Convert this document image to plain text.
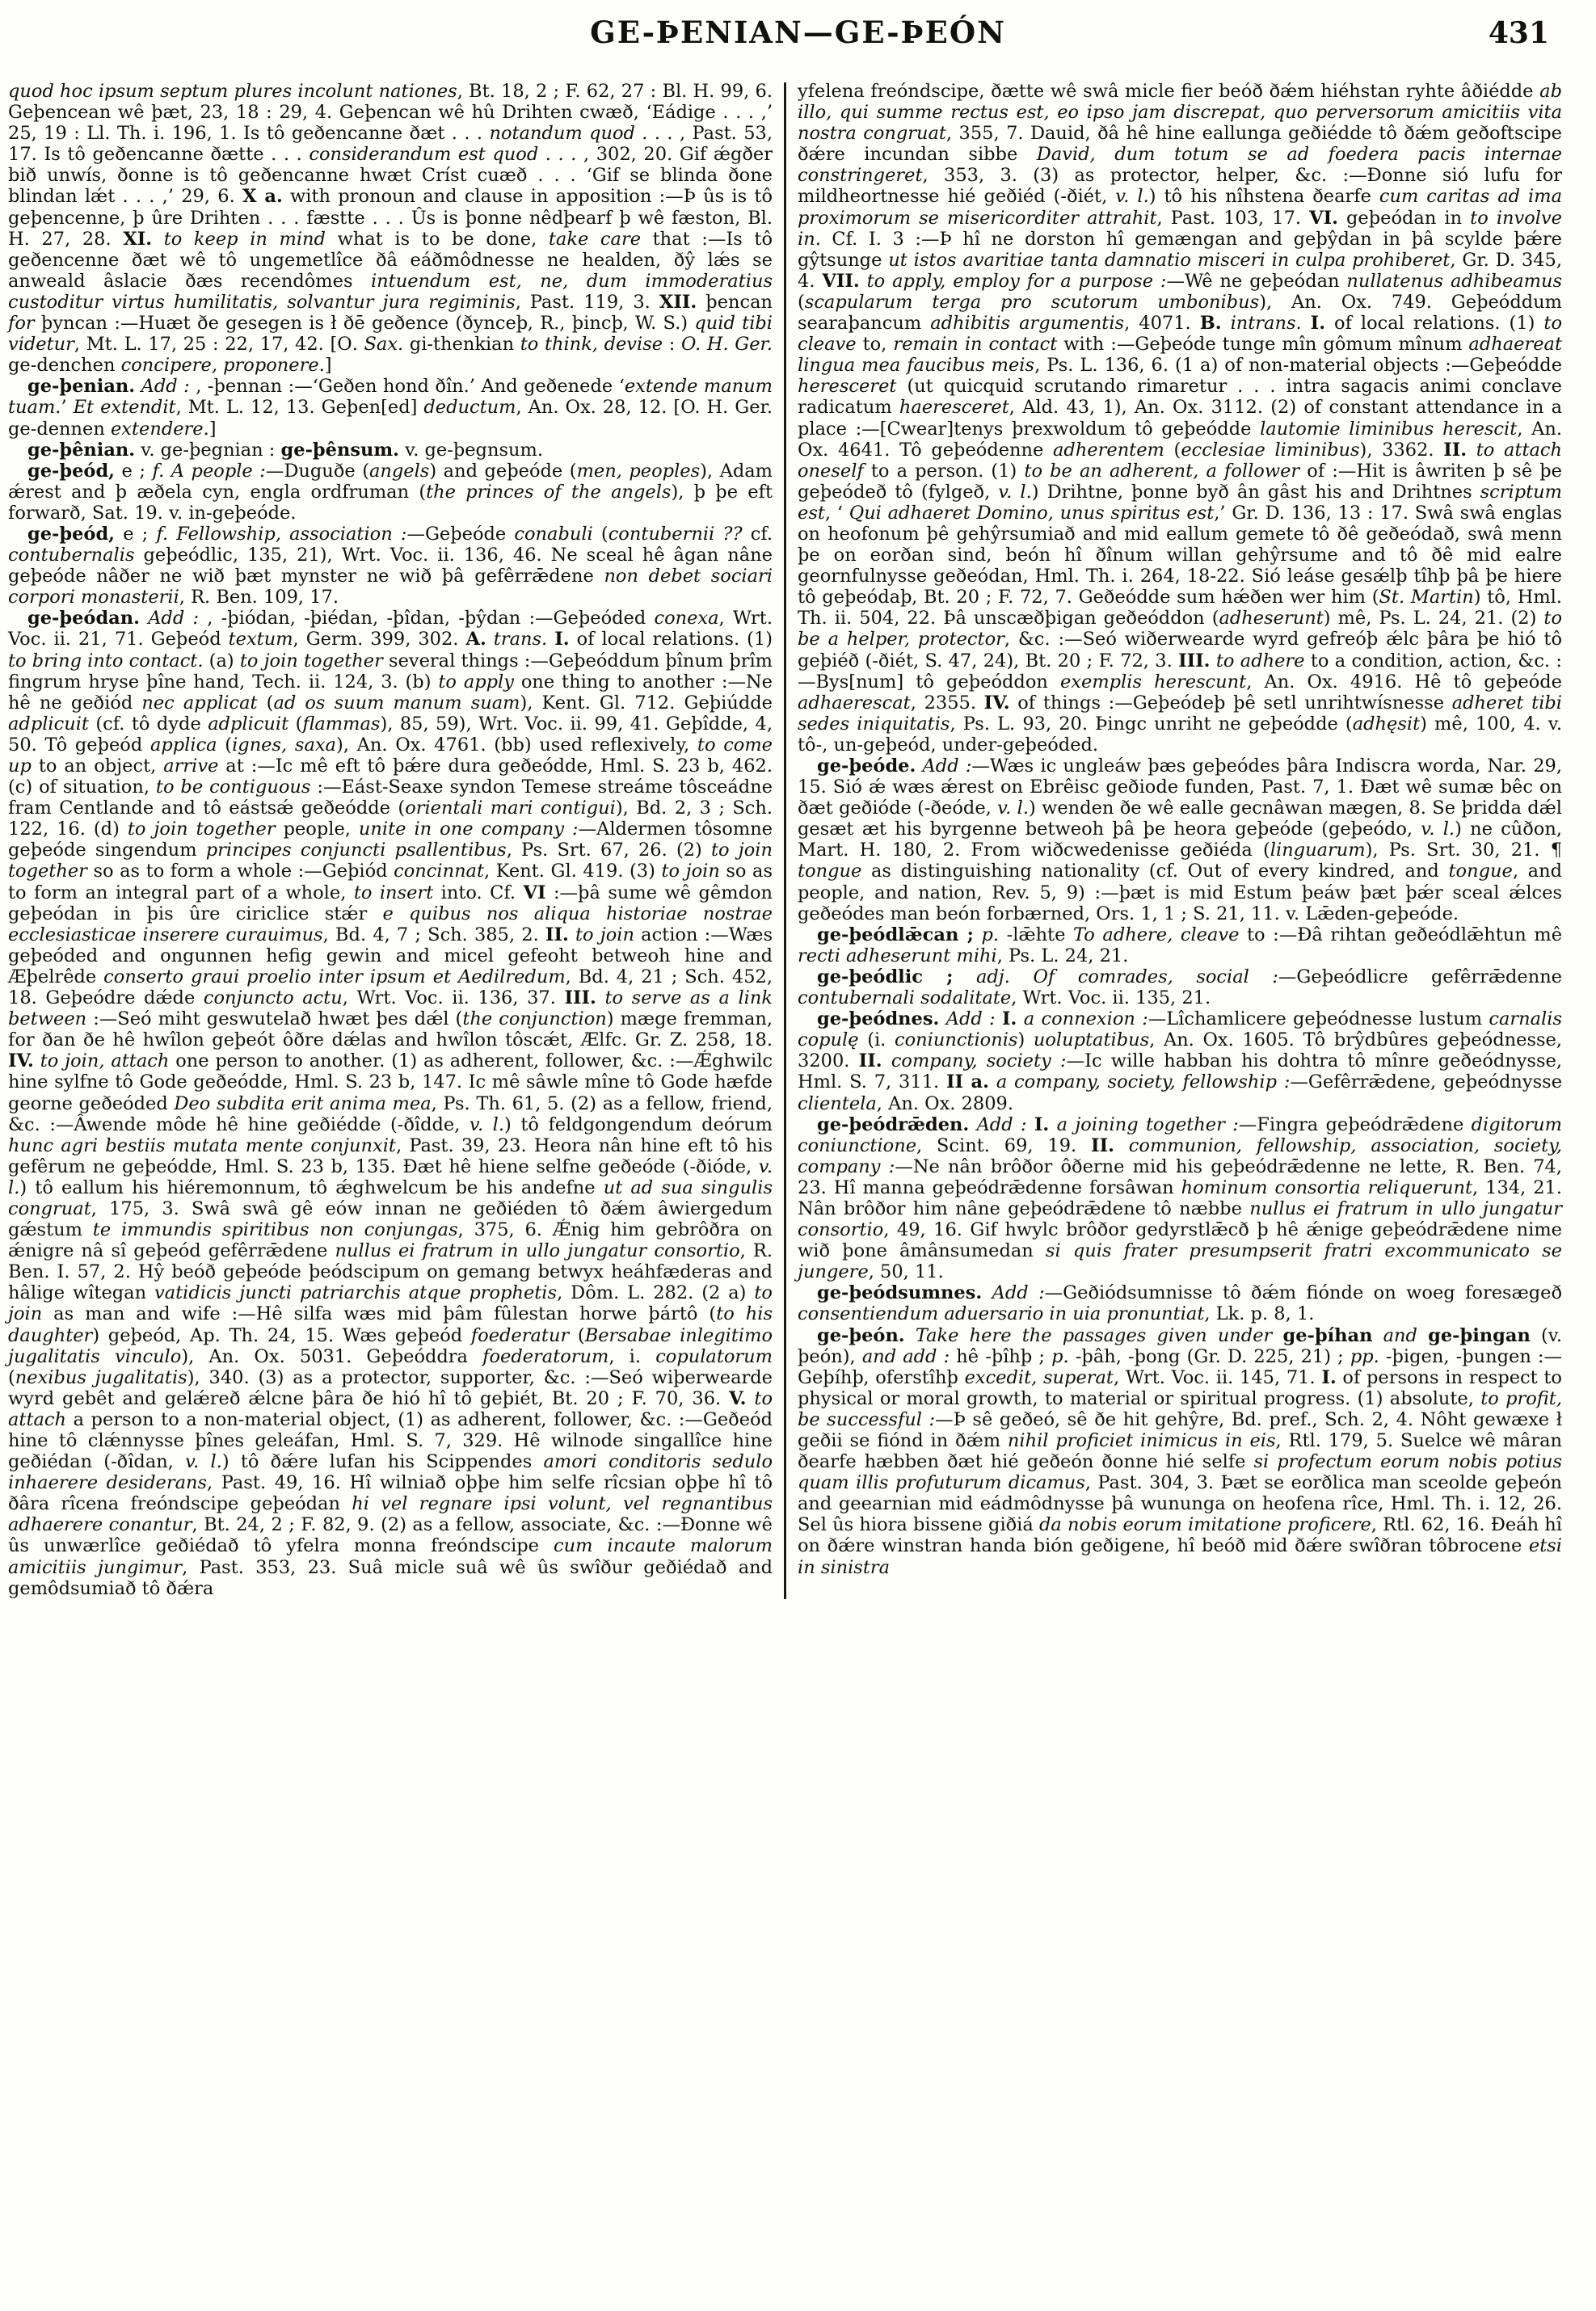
GE-ÞENIAN—GE-ÞEÓN	431

quod hoc ipsum septum plures incolunt nationes, Bt. 18, 2 ; F. 62, 27 : Bl. H. 99, 6. Geþencean wê þæt, 23, 18 : 29, 4. Geþencan wê hû Drihten cwæð, ‘Eádige . . . ,’ 25, 19 : Ll. Th. i. 196, 1. Is tô geðencanne ðæt . . . notandum quod . . . , Past. 53, 17. Is tô geðencanne ðætte . . . considerandum est quod . . . , 302, 20. Gif ǽgðer bið unwís, ðonne is tô geðencanne hwæt Críst cuæð . . . ‘Gif se blinda ðone blindan lǽt . . . ,’ 29, 6. X a. with pronoun and clause in apposition :—Þ ûs is tô geþencenne, þ ûre Drihten . . . fæstte . . . Ûs is þonne nêdþearf þ wê fæston, Bl. H. 27, 28. XI. to keep in mind what is to be done, take care that :—Is tô geðencenne ðæt wê tô ungemetlîce ðâ eáðmôdnesse ne healden, ðŷ lǽs se anweald âslacie ðæs recendômes intuendum est, ne, dum immoderatius custoditur virtus humilitatis, solvantur jura regiminis, Past. 119, 3. XII. þencan for þyncan :—Huæt ðe gesegen is ł ðē geðence (ðynceþ, R., þincþ, W. S.) quid tibi videtur, Mt. L. 17, 25 : 22, 17, 42. [О. Sax. gi-thenkian to think, devise : O. H. Ger. ge-denchen concipere, proponere.]

ge-þenian. Add : , -þennan :—‘Geðen hond ðîn.’ And geðenede ‘extende manum tuam.’ Et extendit, Mt. L. 12, 13. Geþen[ed] deductum, An. Ox. 28, 12. [O. H. Ger. ge-dennen extendere.]

ge-þênian. v. ge-þegnian : ge-þênsum. v. ge-þegnsum.

ge-þeód, e ; f. A people :—Duguðe (angels) and geþeóde (men, peoples), Adam ǽrest and þ æðela cyn, engla ordfruman (the princes of the angels), þ þe eft forwarð, Sat. 19. v. in-geþeóde.

ge-þeód, e ; f. Fellowship, association :—Geþeóde conabuli (contubernii ?? cf. contubernalis geþeódlic, 135, 21), Wrt. Voc. ii. 136, 46. Ne sceal hê âgan nâne geþeóde nâðer ne wið þæt mynster ne wið þâ gefêrrǣdene non debet sociari corpori monasterii, R. Ben. 109, 17.

ge-þeódan. Add : , -þiódan, -þiédan, -þîdan, -þŷdan :—Geþeóded conexa, Wrt. Voc. ii. 21, 71. Geþeód textum, Germ. 399, 302. A. trans. I. of local relations. (1) to bring into contact. (a) to join together several things :—Geþeóddum þînum þrîm fingrum hryse þîne hand, Tech. ii. 124, 3. (b) to apply one thing to another :—Ne hê ne geðiód nec applicat (ad os suum manum suam), Kent. Gl. 712. Geþiúdde adplicuit (cf. tô dyde adplicuit (flammas), 85, 59), Wrt. Voc. ii. 99, 41. Geþîdde, 4, 50. Tô geþeód applica (ignes, saxa), An. Ox. 4761. (bb) used reflexively, to come up to an object, arrive at :—Ic mê eft tô þǽre dura geðeódde, Hml. S. 23 b, 462. (c) of situation, to be contiguous :—Eást-Seaxe syndon Temese streáme tôsceádne fram Centlande and tô eástsǽ geðeódde (orientali mari contigui), Bd. 2, 3 ; Sch. 122, 16. (d) to join together people, unite in one company :—Aldermen tôsomne geþeóde singendum principes conjuncti psallentibus, Ps. Srt. 67, 26. (2) to join together so as to form a whole :—Geþiód concinnat, Kent. Gl. 419. (3) to join so as to form an integral part of a whole, to insert into. Cf. VI :—þâ sume wê gêmdon geþeódan in þis ûre ciriclice stǽr e quibus nos aliqua historiae nostrae ecclesiasticae inserere curauimus, Bd. 4, 7 ; Sch. 385, 2. II. to join action :—Wæs geþeóded and ongunnen hefig gewin and micel gefeoht betweoh hine and Æþelrêde conserto graui proelio inter ipsum et Aedilredum, Bd. 4, 21 ; Sch. 452, 18. Geþeódre dǽde conjuncto actu, Wrt. Voc. ii. 136, 37. III. to serve as a link between :—Seó miht geswutelað hwæt þes dǽl (the conjunction) mæge fremman, for ðan ðe hê hwîlon geþeót ôðre dǽlas and hwîlon tôscǽt, Ælfc. Gr. Z. 258, 18. IV. to join, attach one person to another. (1) as adherent, follower, &c. :—Ǽghwilc hine sylfne tô Gode geðeódde, Hml. S. 23 b, 147. Ic mê sâwle mîne tô Gode hæfde georne geðeóded Deo subdita erit anima mea, Ps. Th. 61, 5. (2) as a fellow, friend, &c. :—Âwende môde hê hine geðiédde (-ðîdde, v. l.) tô feldgongendum deórum hunc agri bestiis mutata mente conjunxit, Past. 39, 23. Heora nân hine eft tô his gefêrum ne geþeódde, Hml. S. 23 b, 135. Ðæt hê hiene selfne geðeóde (-ðióde, v. l.) tô eallum his hiéremonnum, tô ǽghwelcum be his andefne ut ad sua singulis congruat, 175, 3. Swâ swâ gê eów innan ne geðiéden tô ðǽm âwiergedum gǽstum te immundis spiritibus non conjungas, 375, 6. Ǽnig him gebrôðra on ǽnigre nâ sî geþeód gefêrrǣdene nullus ei fratrum in ullo jungatur consortio, R. Ben. I. 57, 2. Hŷ beóð geþeóde þeódscipum on gemang betwyx heáhfæderas and hâlige wîtegan vatidicis juncti patriarchis atque prophetis, Dôm. L. 282. (2 a) to join as man and wife :—Hê silfa wæs mid þâm fûlestan horwe þártô (to his daughter) geþeód, Ap. Th. 24, 15. Wæs geþeód foederatur (Bersabae inlegitimo jugalitatis vinculo), An. Ox. 5031. Geþeóddra foederatorum, i. copulatorum (nexibus jugalitatis), 340. (3) as a protector, supporter, &c. :—Seó wiþerwearde wyrd gebêt and gelǽreð ǽlcne þâra ðe hió hî tô geþiét, Bt. 20 ; F. 70, 36. V. to attach a person to a non-material object, (1) as adherent, follower, &c. :—Geðeód hine tô clǽnnysse þînes geleáfan, Hml. S. 7, 329. Hê wilnode singallîce hine geðiédan (-ðîdan, v. l.) tô ðǽre lufan his Scippendes amori conditoris sedulo inhaerere desiderans, Past. 49, 16. Hî wilniað oþþe him selfe rîcsian oþþe hî tô ðâra rîcena freóndscipe geþeódan hi vel regnare ipsi volunt, vel regnantibus adhaerere conantur, Bt. 24, 2 ; F. 82, 9. (2) as a fellow, associate, &c. :—Ðonne wê ûs unwærlîce geðiédað tô yfelra monna freóndscipe cum incaute malorum amicitiis jungimur, Past. 353, 23. Suâ micle suâ wê ûs swîður geðiédað and gemôdsumiað tô ðǽra

yfelena freóndscipe, ðætte wê swâ micle fier beóð ðǽm hiéhstan ryhte âðiédde ab illo, qui summe rectus est, eo ipso jam discrepat, quo perversorum amicitiis vita nostra congruat, 355, 7. Dauid, ðâ hê hine eallunga geðiédde tô ðǽm geðoftscipe ðǽre incundan sibbe David, dum totum se ad foedera pacis internae constringeret, 353, 3. (3) as protector, helper, &c. :—Ðonne sió lufu for mildheortnesse hié geðiéd (-ðiét, v. l.) tô his nîhstena ðearfe cum caritas ad ima proximorum se misericorditer attrahit, Past. 103, 17. VI. geþeódan in to involve in. Cf. I. 3 :—Þ hî ne dorston hî gemængan and geþŷdan in þâ scylde þǽre gŷtsunge ut istos avaritiae tanta damnatio misceri in culpa prohiberet, Gr. D. 345, 4. VII. to apply, employ for a purpose :—Wê ne geþeódan nullatenus adhibeamus (scapularum terga pro scutorum umbonibus), An. Ox. 749. Geþeóddum searaþancum adhibitis argumentis, 4071. B. intrans. I. of local relations. (1) to cleave to, remain in contact with :—Geþeóde tunge mîn gômum mînum adhaereat lingua mea faucibus meis, Ps. L. 136, 6. (1 a) of non-material objects :—Geþeódde heresceret (ut quicquid scrutando rimaretur . . . intra sagacis animi conclave radicatum haeresceret, Ald. 43, 1), An. Ox. 3112. (2) of constant attendance in a place :—[Cwear]tenys þrexwoldum tô geþeódde lautomie liminibus herescit, An. Ox. 4641. Tô geþeódenne adherentem (ecclesiae liminibus), 3362. II. to attach oneself to a person. (1) to be an adherent, a follower of :—Hit is âwriten þ sê þe geþeódeð tô (fylgeð, v. l.) Drihtne, þonne byð ân gâst his and Drihtnes scriptum est, ‘ Qui adhaeret Domino, unus spiritus est,’ Gr. D. 136, 13 : 17. Swâ swâ englas on heofonum þê gehŷrsumiað and mid eallum gemete tô ðê geðeódað, swâ menn þe on eorðan sind, beón hî ðînum willan gehŷrsume and tô ðê mid ealre geornfulnysse geðeódan, Hml. Th. i. 264, 18-22. Sió leáse gesǽlþ tîhþ þâ þe hiere tô geþeódaþ, Bt. 20 ; F. 72, 7. Geðeódde sum hǽðen wer him (St. Martin) tô, Hml. Th. ii. 504, 22. Þâ unscæðþigan geðeóddon (adheserunt) mê, Ps. L. 24, 21. (2) to be a helper, protector, &c. :—Seó wiðerwearde wyrd gefreóþ ǽlc þâra þe hió tô geþiéð (-ðiét, S. 47, 24), Bt. 20 ; F. 72, 3. III. to adhere to a condition, action, &c. :—Bys[num] tô geþeóddon exemplis herescunt, An. Ox. 4916. Hê tô geþeóde adhaerescat, 2355. IV. of things :—Geþeódeþ þê setl unrihtwísnesse adheret tibi sedes iniquitatis, Ps. L. 93, 20. Þingc unriht ne geþeódde (adhęsit) mê, 100, 4. v. tô-, un-geþeód, under-geþeóded.

ge-þeóde. Add :—Wæs ic ungleáw þæs geþeódes þâra Indiscra worda, Nar. 29, 15. Sió ǽ wæs ǽrest on Ebrêisc geðiode funden, Past. 7, 1. Ðæt wê sumæ bêc on ðæt geðióde (-ðeóde, v. l.) wenden ðe wê ealle gecnâwan mægen, 8. Se þridda dǽl gesæt æt his byrgenne betweoh þâ þe heora geþeóde (geþeódo, v. l.) ne cûðon, Mart. H. 180, 2. From wiðcwedenisse geðiéda (linguarum), Ps. Srt. 30, 21. ¶ tongue as distinguishing nationality (cf. Out of every kindred, and tongue, and people, and nation, Rev. 5, 9) :—þæt is mid Estum þeáw þæt þǽr sceal ǽlces geðeódes man beón forbærned, Ors. 1, 1 ; S. 21, 11. v. Lǣden-geþeóde.

ge-þeódlǣcan ; p. -lǣhte To adhere, cleave to :—Ðâ rihtan geðeódlǣhtun mê recti adheserunt mihi, Ps. L. 24, 21.

ge-þeódlic ; adj. Of comrades, social :—Geþeódlicre gefêrrǣdenne contubernali sodalitate, Wrt. Voc. ii. 135, 21.

ge-þeódnes. Add : I. a connexion :—Lîchamlicere geþeódnesse lustum carnalis copulę (i. coniunctionis) uoluptatibus, An. Ox. 1605. Tô brŷdbûres geþeódnesse, 3200. II. company, society :—Ic wille habban his dohtra tô mînre geðeódnysse, Hml. S. 7, 311. II a. a company, society, fellowship :—Gefêrrǣdene, geþeódnysse clientela, An. Ox. 2809.

ge-þeódrǣden. Add : I. a joining together :—Fingra geþeódrǣdene digitorum coniunctione, Scint. 69, 19. II. communion, fellowship, association, society, company :—Ne nân brôðor ôðerne mid his geþeódrǣdenne ne lette, R. Ben. 74, 23. Hî manna geþeódrǣdenne forsâwan hominum consortia reliquerunt, 134, 21. Nân brôðor him nâne geþeódrǣdene tô næbbe nullus ei fratrum in ullo jungatur consortio, 49, 16. Gif hwylc brôðor gedyrstlǣcð þ hê ǽnige geþeódrǣdene nime wið þone âmânsumedan si quis frater presumpserit fratri excommunicato se jungere, 50, 11.

ge-þeódsumnes. Add :—Geðiódsumnisse tô ðǽm fiónde on woeg foresægeð consentiendum aduersario in uia pronuntiat, Lk. p. 8, 1.

ge-þeón. Take here the passages given under ge-þíhan and ge-þingan (v. þeón), and add : hê -þîhþ ; p. -þâh, -þong (Gr. D. 225, 21) ; pp. -þigen, -þungen :—Geþíhþ, oferstîhþ excedit, superat, Wrt. Voc. ii. 145, 71. I. of persons in respect to physical or moral growth, to material or spiritual progress. (1) absolute, to profit, be successful :—Þ sê geðeó, sê ðe hit gehŷre, Bd. pref., Sch. 2, 4. Nôht gewæxe ł geðii se fiónd in ðǽm nihil proficiet inimicus in eis, Rtl. 179, 5. Suelce wê mâran ðearfe hæbben ðæt hié geðeón ðonne hié selfe si profectum eorum nobis potius quam illis profuturum dicamus, Past. 304, 3. Þæt se eorðlica man sceolde geþeón and geearnian mid eádmôdnysse þâ wununga on heofena rîce, Hml. Th. i. 12, 26. Sel ûs hiora bissene giðiá da nobis eorum imitatione proficere, Rtl. 62, 16. Ðeáh hî on ðǽre winstran handa bión geðigene, hî beóð mid ðǽre swîðran tôbrocene etsi in sinistra
